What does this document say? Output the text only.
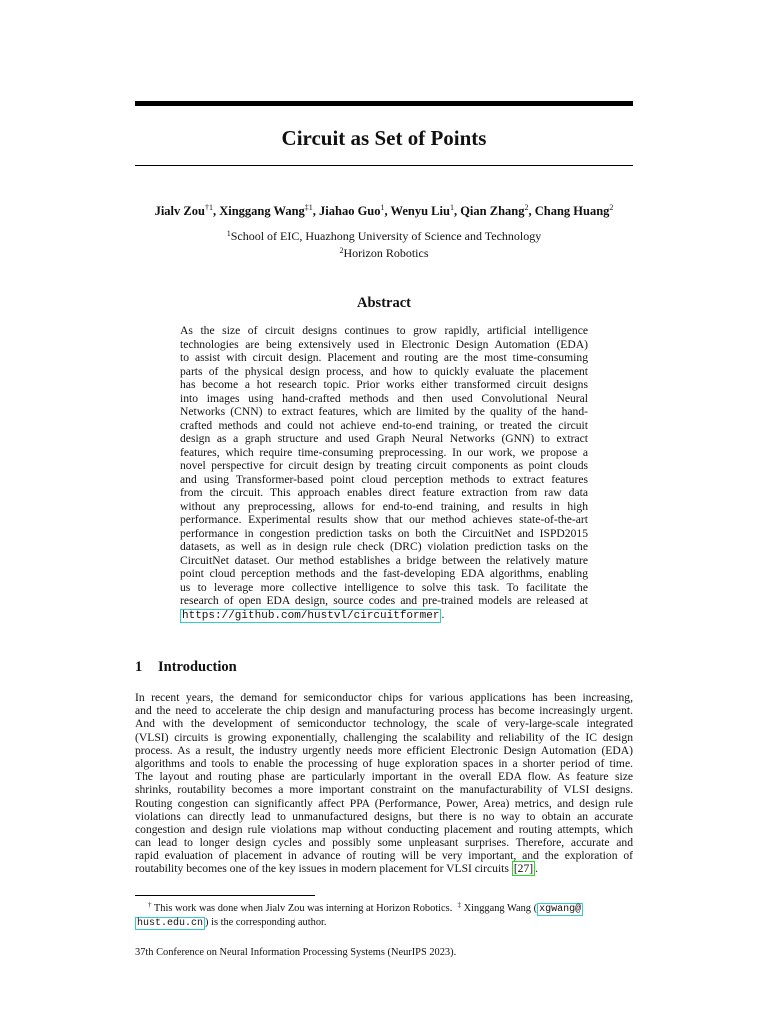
Circuit as Set of Points
Jialv Zou$^{\dagger 1}$, Xinggang Wang$^{\ddagger 1}$, Jiahao Guo$^1$, Wenyu Liu$^1$, Qian Zhang$^2$, Chang Huang$^2$
$^1$School of EIC, Huazhong University of Science and Technology
$^2$Horizon Robotics
Abstract
As the size of circuit designs continues to grow rapidly, artificial intelligence
technologies are being extensively used in Electronic Design Automation (EDA)
to assist with circuit design. Placement and routing are the most time-consuming
parts of the physical design process, and how to quickly evaluate the placement
has become a hot research topic. Prior works either transformed circuit designs
into images using hand-crafted methods and then used Convolutional Neural
Networks (CNN) to extract features, which are limited by the quality of the hand-
crafted methods and could not achieve end-to-end training, or treated the circuit
design as a graph structure and used Graph Neural Networks (GNN) to extract
features, which require time-consuming preprocessing. In our work, we propose a
novel perspective for circuit design by treating circuit components as point clouds
and using Transformer-based point cloud perception methods to extract features
from the circuit. This approach enables direct feature extraction from raw data
without any preprocessing, allows for end-to-end training, and results in high
performance. Experimental results show that our method achieves state-of-the-art
performance in congestion prediction tasks on both the CircuitNet and ISPD2015
datasets, as well as in design rule check (DRC) violation prediction tasks on the
CircuitNet dataset. Our method establishes a bridge between the relatively mature
point cloud perception methods and the fast-developing EDA algorithms, enabling
us to leverage more collective intelligence to solve this task. To facilitate the
research of open EDA design, source codes and pre-trained models are released at
https://github.com/hustvl/circuitformer .
1 Introduction
In recent years, the demand for semiconductor chips for various applications has been increasing,
and the need to accelerate the chip design and manufacturing process has become increasingly urgent.
And with the development of semiconductor technology, the scale of very-large-scale integrated
(VLSI) circuits is growing exponentially, challenging the scalability and reliability of the IC design
process. As a result, the industry urgently needs more efficient Electronic Design Automation (EDA)
algorithms and tools to enable the processing of huge exploration spaces in a shorter period of time.
The layout and routing phase are particularly important in the overall EDA flow. As feature size
shrinks, routability becomes a more important constraint on the manufacturability of VLSI designs.
Routing congestion can significantly affect PPA (Performance, Power, Area) metrics, and design rule
violations can directly lead to unmanufactured designs, but there is no way to obtain an accurate
congestion and design rule violations map without conducting placement and routing attempts, which
can lead to longer design cycles and possibly some unpleasant surprises. Therefore, accurate and
rapid evaluation of placement in advance of routing will be very important, and the exploration of
routability becomes one of the key issues in modern placement for VLSI circuits [27] .
† This work was done when Jialv Zou was interning at Horizon Robotics. ‡ Xinggang Wang ( xgwang@
hust.edu.cn ) is the corresponding author.
37th Conference on Neural Information Processing Systems (NeurIPS 2023).
